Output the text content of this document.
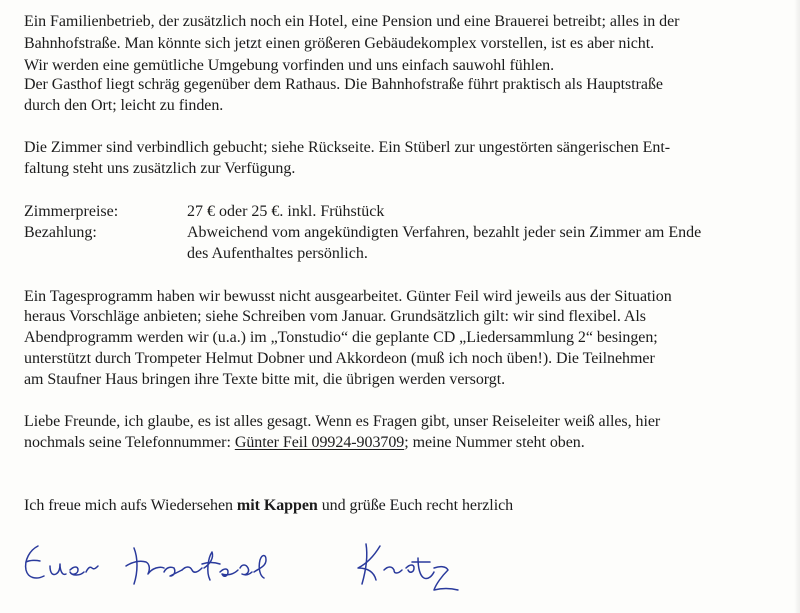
Ein Familienbetrieb, der zusätzlich noch ein Hotel, eine Pension und eine Brauerei betreibt; alles in der
Bahnhofstraße. Man könnte sich jetzt einen größeren Gebäudekomplex vorstellen, ist es aber nicht.
Wir werden eine gemütliche Umgebung vorfinden und uns einfach sauwohl fühlen.
Der Gasthof liegt schräg gegenüber dem Rathaus. Die Bahnhofstraße führt praktisch als Hauptstraße
durch den Ort; leicht zu finden.
Die Zimmer sind verbindlich gebucht; siehe Rückseite. Ein Stüberl zur ungestörten sängerischen Ent-
faltung steht uns zusätzlich zur Verfügung.
Zimmerpreise:	27 € oder 25 €. inkl. Frühstück
Bezahlung:	Abweichend vom angekündigten Verfahren, bezahlt jeder sein Zimmer am Ende
des Aufenthaltes persönlich.
Ein Tagesprogramm haben wir bewusst nicht ausgearbeitet. Günter Feil wird jeweils aus der Situation
heraus Vorschläge anbieten; siehe Schreiben vom Januar. Grundsätzlich gilt: wir sind flexibel. Als
Abendprogramm werden wir (u.a.) im „Tonstudio“ die geplante CD „Liedersammlung 2“ besingen;
unterstützt durch Trompeter Helmut Dobner und Akkordeon (muß ich noch üben!). Die Teilnehmer
am Staufner Haus bringen ihre Texte bitte mit, die übrigen werden versorgt.
Liebe Freunde, ich glaube, es ist alles gesagt. Wenn es Fragen gibt, unser Reiseleiter weiß alles, hier
nochmals seine Telefonnummer: Günter Feil 09924-903709; meine Nummer steht oben.
Ich freue mich aufs Wiedersehen mit Kappen und grüße Euch recht herzlich
